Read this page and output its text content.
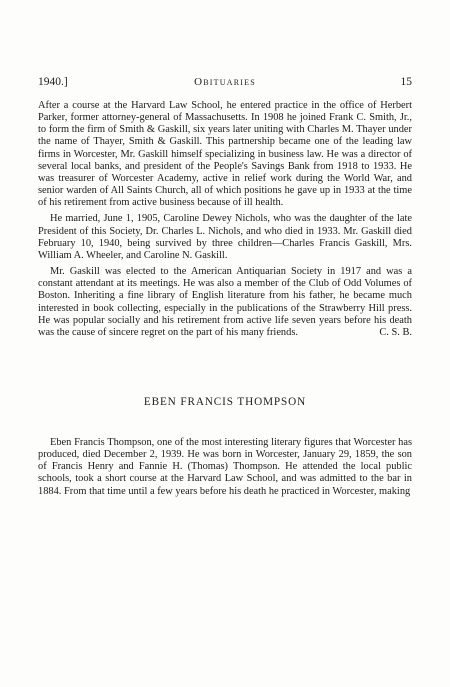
1940.]	Obituaries	15

After a course at the Harvard Law School, he entered practice in the office of Herbert Parker, former attorney-general of Massachusetts. In 1908 he joined Frank C. Smith, Jr., to form the firm of Smith & Gaskill, six years later uniting with Charles M. Thayer under the name of Thayer, Smith & Gaskill. This partnership became one of the leading law firms in Worcester, Mr. Gaskill himself specializing in business law. He was a director of several local banks, and president of the People's Savings Bank from 1918 to 1933. He was treasurer of Worcester Academy, active in relief work during the World War, and senior warden of All Saints Church, all of which positions he gave up in 1933 at the time of his retirement from active business because of ill health.

He married, June 1, 1905, Caroline Dewey Nichols, who was the daughter of the late President of this Society, Dr. Charles L. Nichols, and who died in 1933. Mr. Gaskill died February 10, 1940, being survived by three children—Charles Francis Gaskill, Mrs. William A. Wheeler, and Caroline N. Gaskill.

Mr. Gaskill was elected to the American Antiquarian Society in 1917 and was a constant attendant at its meetings. He was also a member of the Club of Odd Volumes of Boston. Inheriting a fine library of English literature from his father, he became much interested in book collecting, especially in the publications of the Strawberry Hill press. He was popular socially and his retirement from active life seven years before his death was the cause of sincere regret on the part of his many friends.	C. S. B.

EBEN FRANCIS THOMPSON

Eben Francis Thompson, one of the most interesting literary figures that Worcester has produced, died December 2, 1939. He was born in Worcester, January 29, 1859, the son of Francis Henry and Fannie H. (Thomas) Thompson. He attended the local public schools, took a short course at the Harvard Law School, and was admitted to the bar in 1884. From that time until a few years before his death he practiced in Worcester, making
